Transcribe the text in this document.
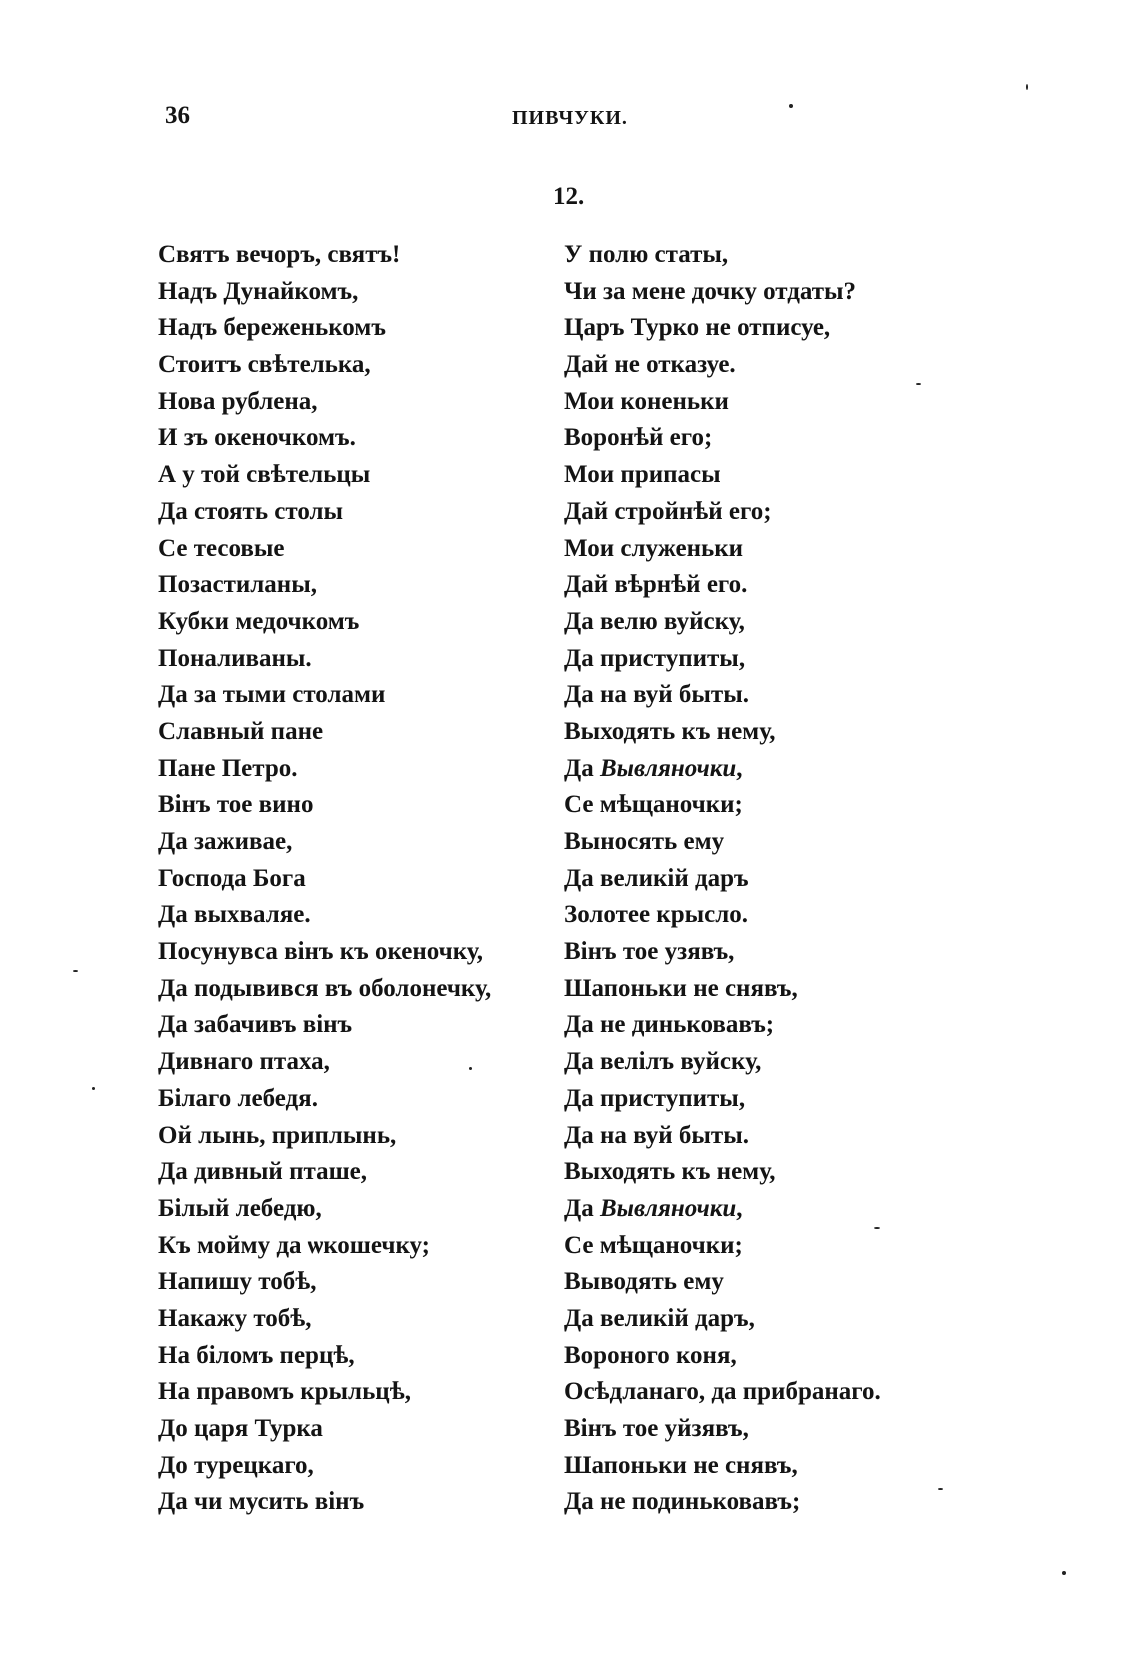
36	ПИВЧУКИ.
12.
Святъ вечоръ, святъ!
Надъ Дунайкомъ,
Надъ береженькомъ
Стоитъ свѣтелька,
Нова рублена,
И зъ океночкомъ.
А у той свѣтельцы
Да стоять столы
Се тесовые
Позастиланы,
Кубки медочкомъ
Поналиваны.
Да за тыми столами
Славный пане
Пане Петро.
Вінъ тое вино
Да заживае,
Господа Бога
Да выхваляе.
Посунувса вінъ къ океночку,
Да подывився въ оболонечку,
Да забачивъ вінъ
Дивнаго птаха,
Білаго лебедя.
Ой лынь, приплынь,
Да дивный пташе,
Білый лебедю,
Къ мойму да ѡкошечку;
Напишу тобѣ,
Накажу тобѣ,
На біломъ перцѣ,
На правомъ крыльцѣ,
До царя Турка
До турецкаго,
Да чи мусить вінъ
У полю статы,
Чи за мене дочку отдаты?
Царъ Турко не отписуе,
Дай не отказуе.
Мои коненьки
Воронѣй его;
Мои припасы
Дай стройнѣй его;
Мои служеньки
Дай вѣрнѣй его.
Да велю вуйску,
Да приступиты,
Да на вуй быты.
Выходять къ нему,
Да Вывляночки,
Се мѣщаночки;
Выносять ему
Да великій даръ
Золотее крысло.
Вінъ тое узявъ,
Шапоньки не снявъ,
Да не диньковавъ;
Да велілъ вуйску,
Да приступиты,
Да на вуй быты.
Выходять къ нему,
Да Вывляночки,
Се мѣщаночки;
Выводять ему
Да великій даръ,
Вороного коня,
Осѣдланаго, да прибранаго.
Вінъ тое уйзявъ,
Шапоньки не снявъ,
Да не подиньковавъ;
